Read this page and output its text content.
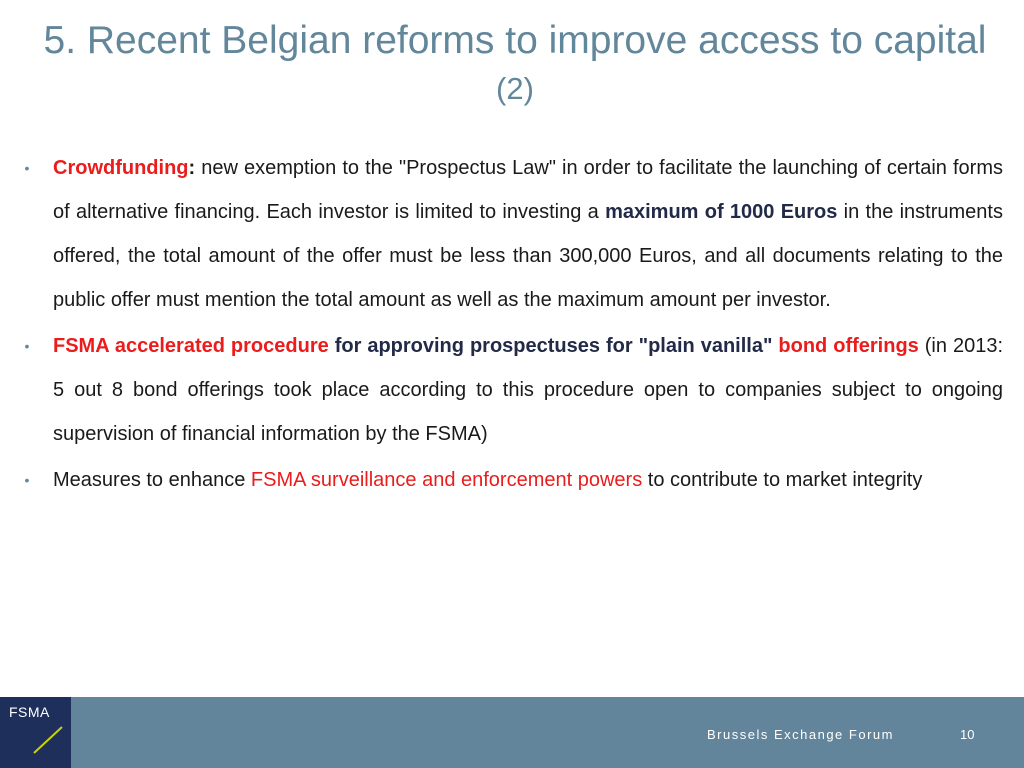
5. Recent Belgian reforms to improve access to capital (2)
• Crowdfunding: new exemption to the "Prospectus Law" in order to facilitate the launching of certain forms of alternative financing. Each investor is limited to investing a maximum of 1000 Euros in the instruments offered, the total amount of the offer must be less than 300,000 Euros, and all documents relating to the public offer must mention the total amount as well as the maximum amount per investor.
• FSMA accelerated procedure for approving prospectuses for "plain vanilla" bond offerings (in 2013: 5 out 8 bond offerings took place according to this procedure open to companies subject to ongoing supervision of financial information by the FSMA)
• Measures to enhance FSMA surveillance and enforcement powers to contribute to market integrity
FSMA
Brussels Exchange Forum	10
